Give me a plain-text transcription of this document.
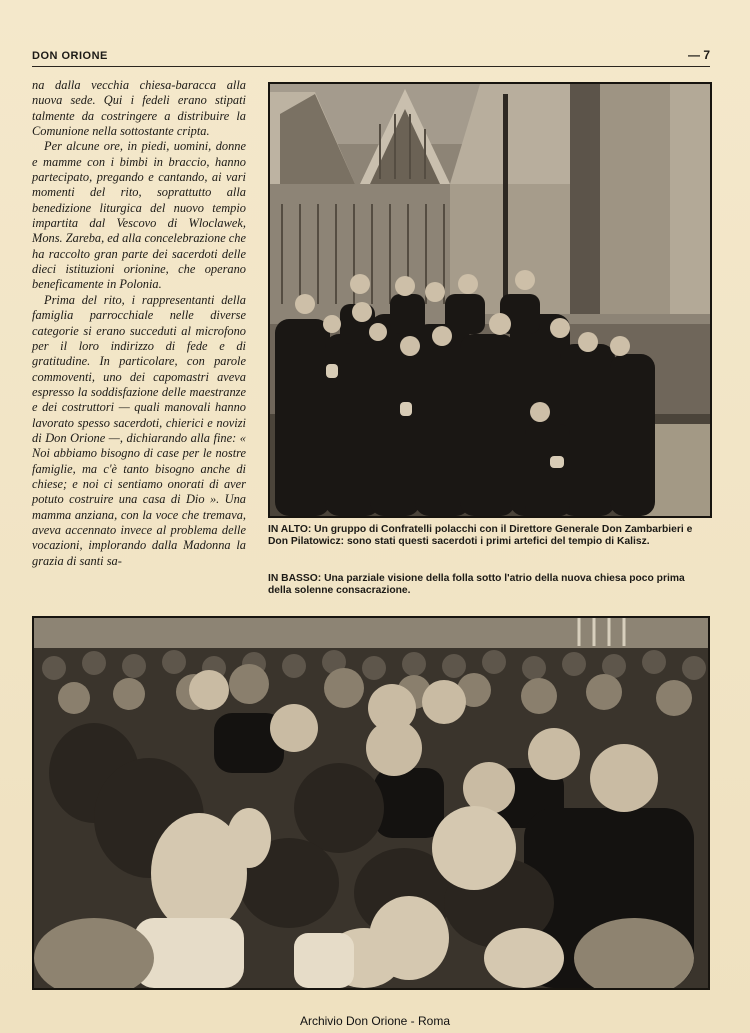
DON ORIONE	— 7

na dalla vecchia chiesa-baracca alla nuova sede. Qui i fedeli erano stipati talmente da costringere a distribuire la Comunione nella sottostante cripta.

Per alcune ore, in piedi, uomini, donne e mamme con i bimbi in braccio, hanno partecipato, pregando e cantando, ai vari momenti del rito, soprattutto alla benedizione liturgica del nuovo tempio impartita dal Vescovo di Wloclawek, Mons. Zareba, ed alla concelebrazione che ha raccolto gran parte dei sacerdoti delle dieci istituzioni orionine, che operano beneficamente in Polonia.

Prima del rito, i rappresentanti della famiglia parrocchiale nelle diverse categorie si erano succeduti al microfono per il loro indirizzo di fede e di gratitudine. In particolare, con parole commoventi, uno dei capomastri aveva espresso la soddisfazione delle maestranze e dei costruttori — quali manovali hanno lavorato spesso sacerdoti, chierici e novizi di Don Orione —, dichiarando alla fine: « Noi abbiamo bisogno di case per le nostre famiglie, ma c'è tanto bisogno anche di chiese; e noi ci sentiamo onorati di aver potuto costruire una casa di Dio ». Una mamma anziana, con la voce che tremava, aveva accennato invece al problema delle vocazioni, implorando dalla Madonna la grazia di santi sa-

IN ALTO: Un gruppo di Confratelli polacchi con il Direttore Generale Don Zambarbieri e Don Pilatowicz: sono stati questi sacerdoti i primi artefici del tempio di Kalisz.
IN BASSO: Una parziale visione della folla sotto l'atrio della nuova chiesa poco prima della solenne consacrazione.
Archivio Don Orione - Roma
